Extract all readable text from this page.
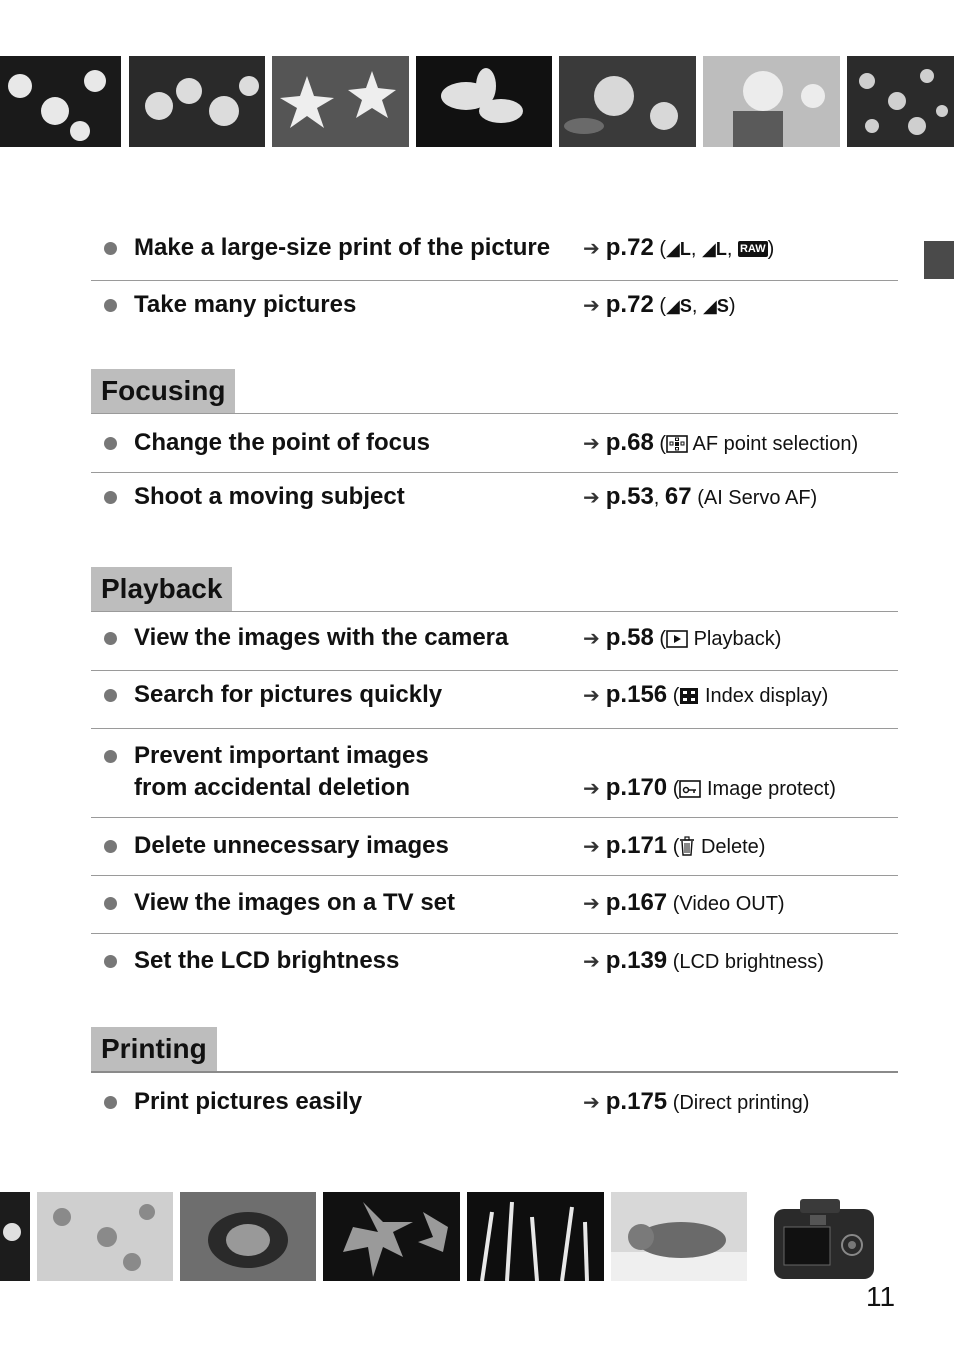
Make a large-size print of the picture ➔ p.72 (◢L, ◢L, RAW )
Take many pictures	➔ p.72 (◢S, ◢S)
Focusing
Change the point of focus	➔ p.68 ( AF point selection)
Shoot a moving subject	➔ p.53, 67 (AI Servo AF)
Playback
View the images with the camera	➔ p.58 ( Playback)
Search for pictures quickly	➔ p.156 ( Index display)
Prevent important images
from accidental deletion	➔ p.170 ( Image protect)
Delete unnecessary images	➔ p.171 ( Delete)
View the images on a TV set	➔ p.167 (Video OUT)
Set the LCD brightness	➔ p.139 (LCD brightness)
Printing
Print pictures easily	➔ p.175 (Direct printing)
11
